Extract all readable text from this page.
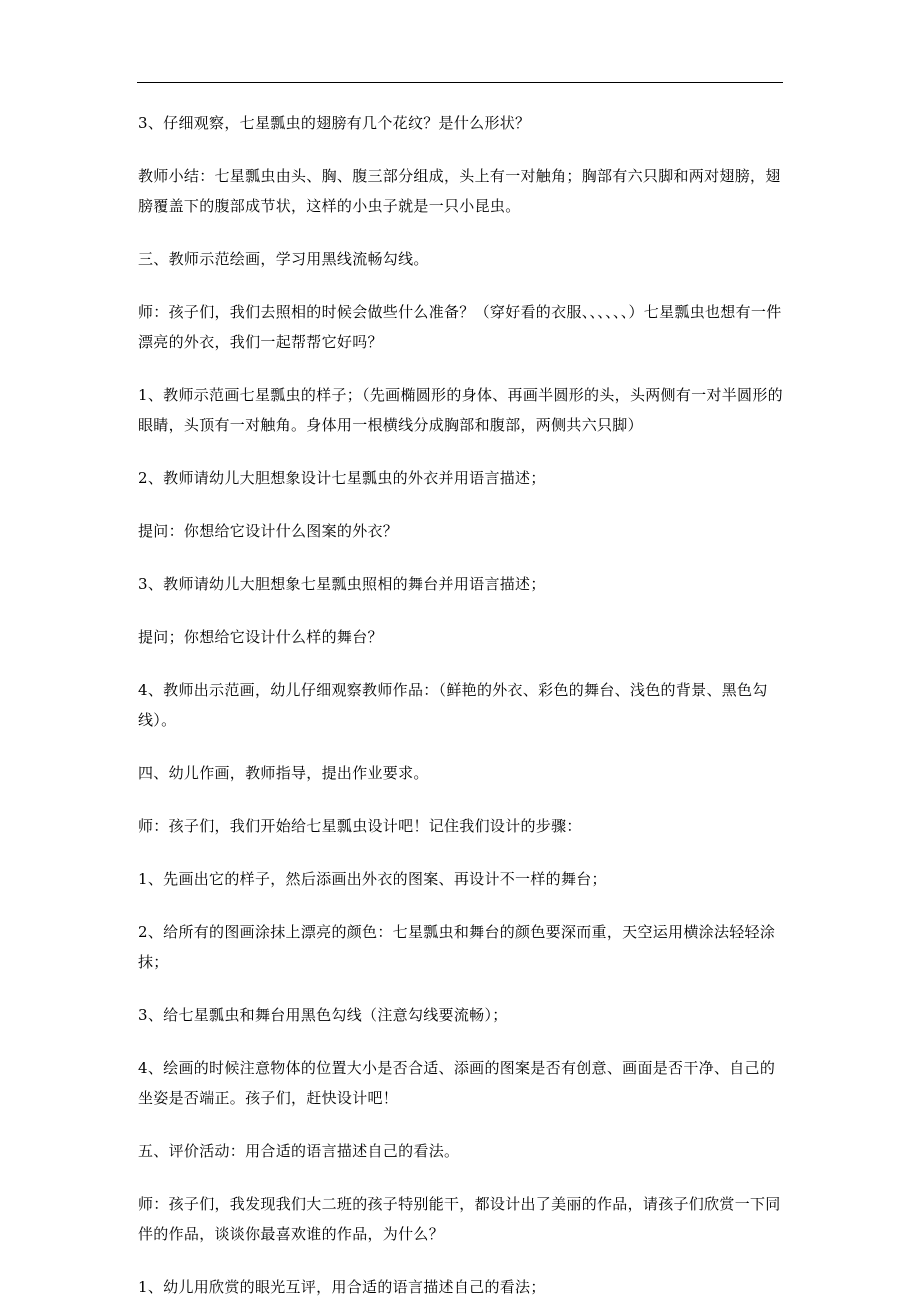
3、仔细观察，七星瓢虫的翅膀有几个花纹？是什么形状？

教师小结：七星瓢虫由头、胸、腹三部分组成，头上有一对触角；胸部有六只脚和两对翅膀，翅膀覆盖下的腹部成节状，这样的小虫子就是一只小昆虫。

三、教师示范绘画，学习用黑线流畅勾线。

师：孩子们，我们去照相的时候会做些什么准备？（穿好看的衣服、、、、、、）七星瓢虫也想有一件漂亮的外衣，我们一起帮帮它好吗？

1、教师示范画七星瓢虫的样子；（先画椭圆形的身体、再画半圆形的头，头两侧有一对半圆形的眼睛，头顶有一对触角。身体用一根横线分成胸部和腹部，两侧共六只脚）

2、教师请幼儿大胆想象设计七星瓢虫的外衣并用语言描述；

提问：你想给它设计什么图案的外衣？

3、教师请幼儿大胆想象七星瓢虫照相的舞台并用语言描述；

提问；你想给它设计什么样的舞台？

4、教师出示范画，幼儿仔细观察教师作品：（鲜艳的外衣、彩色的舞台、浅色的背景、黑色勾线）。

四、幼儿作画，教师指导，提出作业要求。

师：孩子们，我们开始给七星瓢虫设计吧！记住我们设计的步骤：

1、先画出它的样子，然后添画出外衣的图案、再设计不一样的舞台；

2、给所有的图画涂抹上漂亮的颜色：七星瓢虫和舞台的颜色要深而重，天空运用横涂法轻轻涂抹；

3、给七星瓢虫和舞台用黑色勾线（注意勾线要流畅）；

4、绘画的时候注意物体的位置大小是否合适、添画的图案是否有创意、画面是否干净、自己的坐姿是否端正。孩子们，赶快设计吧！

五、评价活动：用合适的语言描述自己的看法。

师：孩子们，我发现我们大二班的孩子特别能干，都设计出了美丽的作品，请孩子们欣赏一下同伴的作品，谈谈你最喜欢谁的作品，为什么？

1、幼儿用欣赏的眼光互评，用合适的语言描述自己的看法；
